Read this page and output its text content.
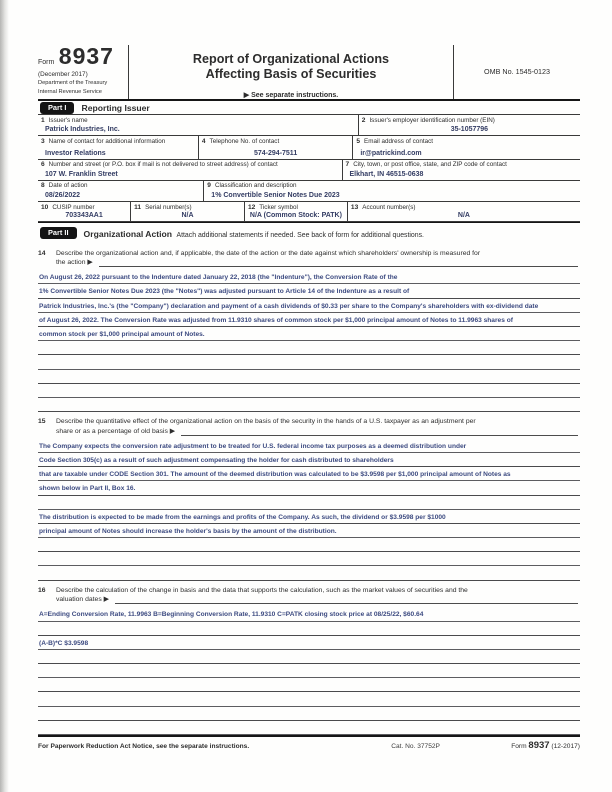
Form 8937
(December 2017)
Department of the Treasury
Internal Revenue Service
Report of Organizational Actions
Affecting Basis of Securities
▶ See separate instructions.
OMB No. 1545-0123
Part I	Reporting Issuer
1 Issuer's name
Patrick Industries, Inc.
2 Issuer's employer identification number (EIN)
35-1057796
3 Name of contact for additional information
Investor Relations
4 Telephone No. of contact
574-294-7511
5 Email address of contact
ir@patrickind.com
6 Number and street (or P.O. box if mail is not delivered to street address) of contact
107 W. Franklin Street
7 City, town, or post office, state, and ZIP code of contact
Elkhart, IN 46515-0638
8 Date of action
08/26/2022
9 Classification and description
1% Convertible Senior Notes Due 2023
10 CUSIP number
703343AA1
11 Serial number(s)
N/A
12 Ticker symbol
N/A (Common Stock: PATK)
13 Account number(s)
N/A
Part II	Organizational Action Attach additional statements if needed. See back of form for additional questions.
14	Describe the organizational action and, if applicable, the date of the action or the date against which shareholders' ownership is measured for
the action ▶
On August 26, 2022 pursuant to the Indenture dated January 22, 2018 (the "Indenture"), the Conversion Rate of the
1% Convertible Senior Notes Due 2023 (the "Notes") was adjusted pursuant to Article 14 of the Indenture as a result of
Patrick Industries, Inc.'s (the "Company") declaration and payment of a cash dividends of $0.33 per share to the Company's shareholders with ex-dividend date
of August 26, 2022. The Conversion Rate was adjusted from 11.9310 shares of common stock per $1,000 principal amount of Notes to 11.9963 shares of
common stock per $1,000 principal amount of Notes.
15	Describe the quantitative effect of the organizational action on the basis of the security in the hands of a U.S. taxpayer as an adjustment per
share or as a percentage of old basis ▶
The Company expects the conversion rate adjustment to be treated for U.S. federal income tax purposes as a deemed distribution under
Code Section 305(c) as a result of such adjustment compensating the holder for cash distributed to shareholders
that are taxable under CODE Section 301. The amount of the deemed distribution was calculated to be $3.9598 per $1,000 principal amount of Notes as
shown below in Part II, Box 16.
The distribution is expected to be made from the earnings and profits of the Company. As such, the dividend or $3.9598 per $1000
principal amount of Notes should increase the holder's basis by the amount of the distribution.
16	Describe the calculation of the change in basis and the data that supports the calculation, such as the market values of securities and the
valuation dates ▶
A=Ending Conversion Rate, 11.9963 B=Beginning Conversion Rate, 11.9310 C=PATK closing stock price at 08/25/22, $60.64
(A-B)*C $3.9598
For Paperwork Reduction Act Notice, see the separate instructions.	Cat. No. 37752P	Form 8937 (12-2017)
